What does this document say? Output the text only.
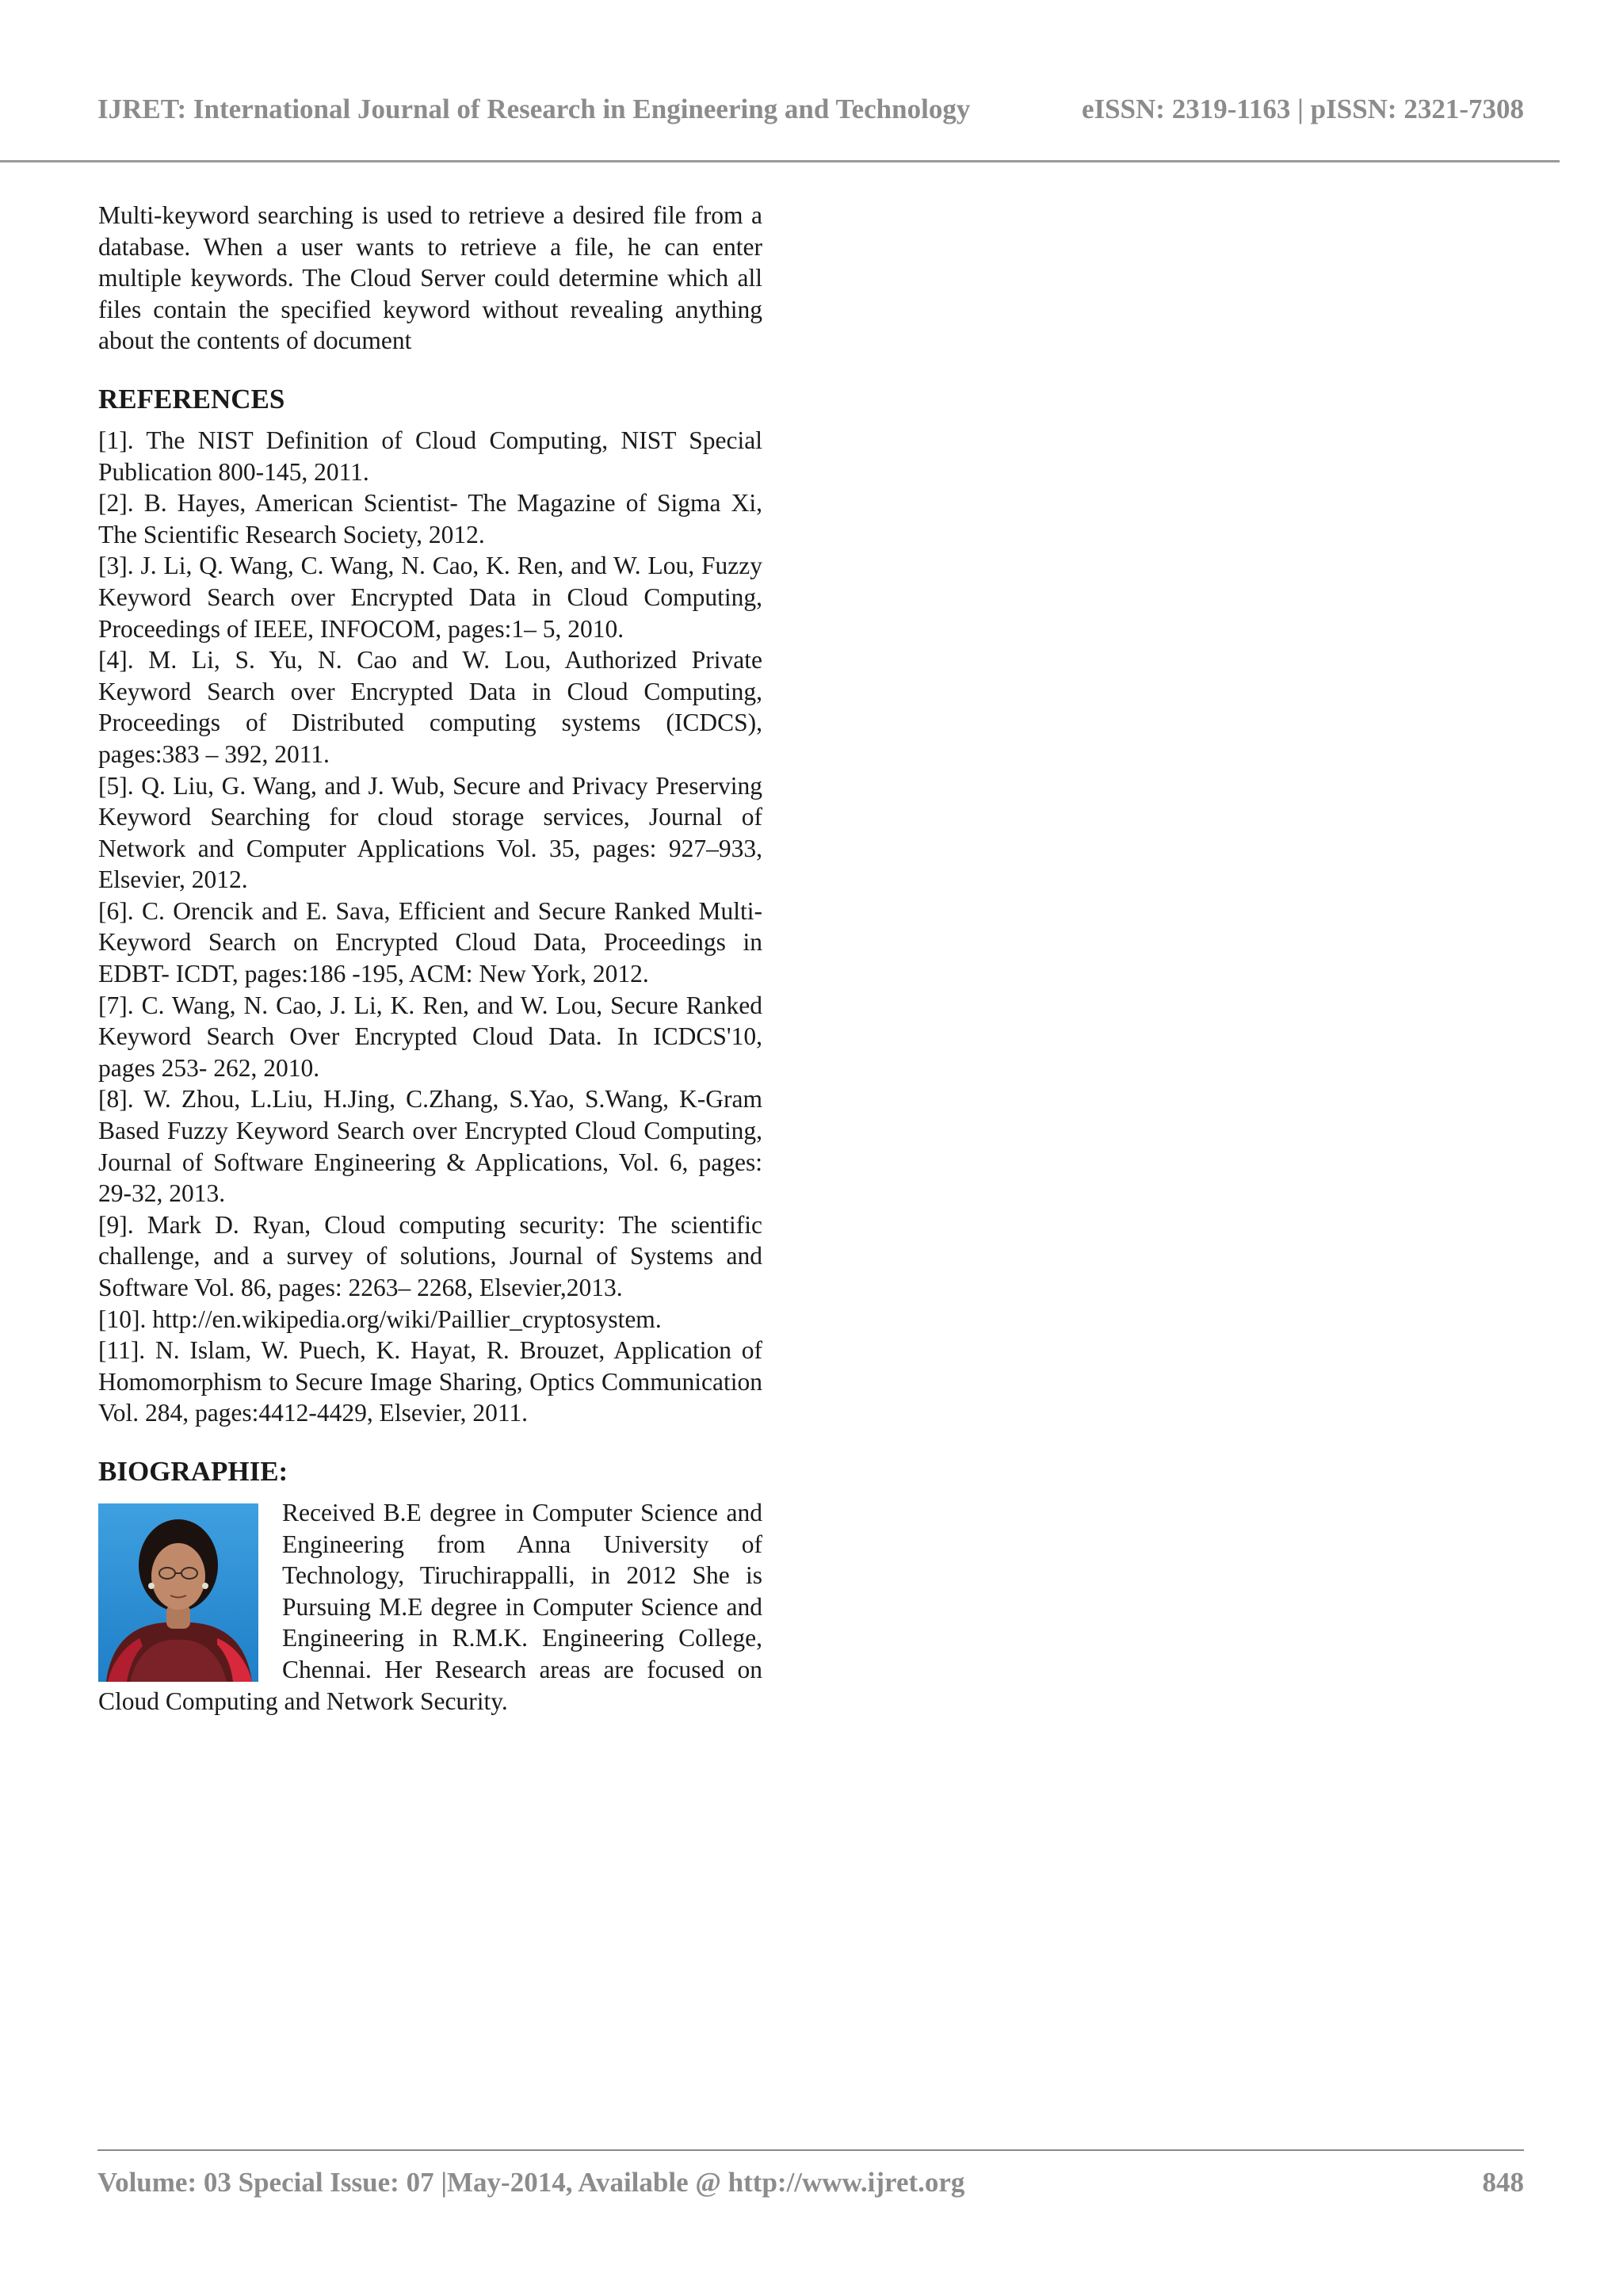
IJRET: International Journal of Research in Engineering and Technology	eISSN: 2319-1163 | pISSN: 2321-7308

Multi-keyword searching is used to retrieve a desired file from a database. When a user wants to retrieve a file, he can enter multiple keywords. The Cloud Server could determine which all files contain the specified keyword without revealing anything about the contents of document

REFERENCES

[1]. The NIST Definition of Cloud Computing, NIST Special Publication 800-145, 2011.

[2]. B. Hayes, American Scientist- The Magazine of Sigma Xi, The Scientific Research Society, 2012.

[3]. J. Li, Q. Wang, C. Wang, N. Cao, K. Ren, and W. Lou, Fuzzy Keyword Search over Encrypted Data in Cloud Computing, Proceedings of IEEE, INFOCOM, pages:1– 5, 2010.

[4]. M. Li, S. Yu, N. Cao and W. Lou, Authorized Private Keyword Search over Encrypted Data in Cloud Computing, Proceedings of Distributed computing systems (ICDCS), pages:383 – 392, 2011.

[5]. Q. Liu, G. Wang, and J. Wub, Secure and Privacy Preserving Keyword Searching for cloud storage services, Journal of Network and Computer Applications Vol. 35, pages: 927–933, Elsevier, 2012.

[6]. C. Orencik and E. Sava, Efficient and Secure Ranked Multi-Keyword Search on Encrypted Cloud Data, Proceedings in EDBT- ICDT, pages:186 -195, ACM: New York, 2012.

[7]. C. Wang, N. Cao, J. Li, K. Ren, and W. Lou, Secure Ranked Keyword Search Over Encrypted Cloud Data. In ICDCS'10, pages 253- 262, 2010.

[8]. W. Zhou, L.Liu, H.Jing, C.Zhang, S.Yao, S.Wang, K-Gram Based Fuzzy Keyword Search over Encrypted Cloud Computing, Journal of Software Engineering & Applications, Vol. 6, pages: 29-32, 2013.

[9]. Mark D. Ryan, Cloud computing security: The scientific challenge, and a survey of solutions, Journal of Systems and Software Vol. 86, pages: 2263– 2268, Elsevier,2013.

[10]. http://en.wikipedia.org/wiki/Paillier_cryptosystem.

[11]. N. Islam, W. Puech, K. Hayat, R. Brouzet, Application of Homomorphism to Secure Image Sharing, Optics Communication Vol. 284, pages:4412-4429, Elsevier, 2011.

BIOGRAPHIE:

Received B.E degree in Computer Science and Engineering from Anna University of Technology, Tiruchirappalli, in 2012 She is Pursuing M.E degree in Computer Science and Engineering in R.M.K. Engineering College, Chennai. Her Research areas are focused on Cloud Computing and Network Security.

Volume: 03 Special Issue: 07 |May-2014, Available @ http://www.ijret.org	848
